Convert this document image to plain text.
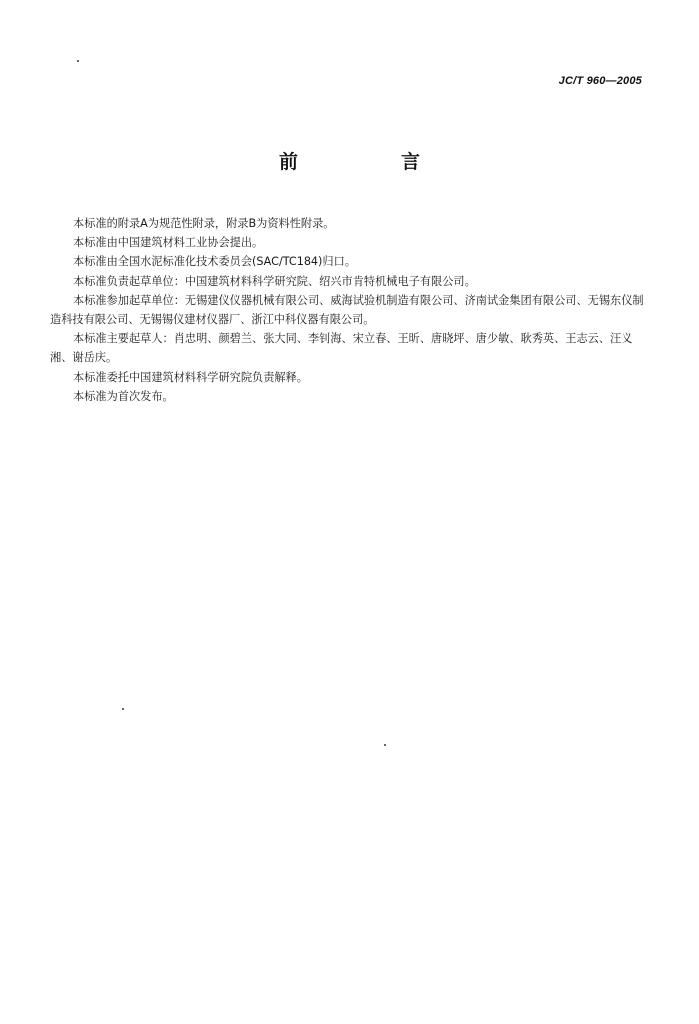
JC/T 960—2005
前　言

本标准的附录A为规范性附录，附录B为资料性附录。

本标准由中国建筑材料工业协会提出。

本标准由全国水泥标准化技术委员会(SAC/TC184)归口。

本标准负责起草单位：中国建筑材料科学研究院、绍兴市肯特机械电子有限公司。

本标准参加起草单位：无锡建仪仪器机械有限公司、威海试验机制造有限公司、济南试金集团有限公司、无锡东仪制造科技有限公司、无锡锡仪建材仪器厂、浙江中科仪器有限公司。

本标准主要起草人：肖忠明、颜碧兰、张大同、李钊海、宋立春、王昕、唐晓坪、唐少敏、耿秀英、王志云、汪义湘、谢岳庆。

本标准委托中国建筑材料科学研究院负责解释。

本标准为首次发布。
